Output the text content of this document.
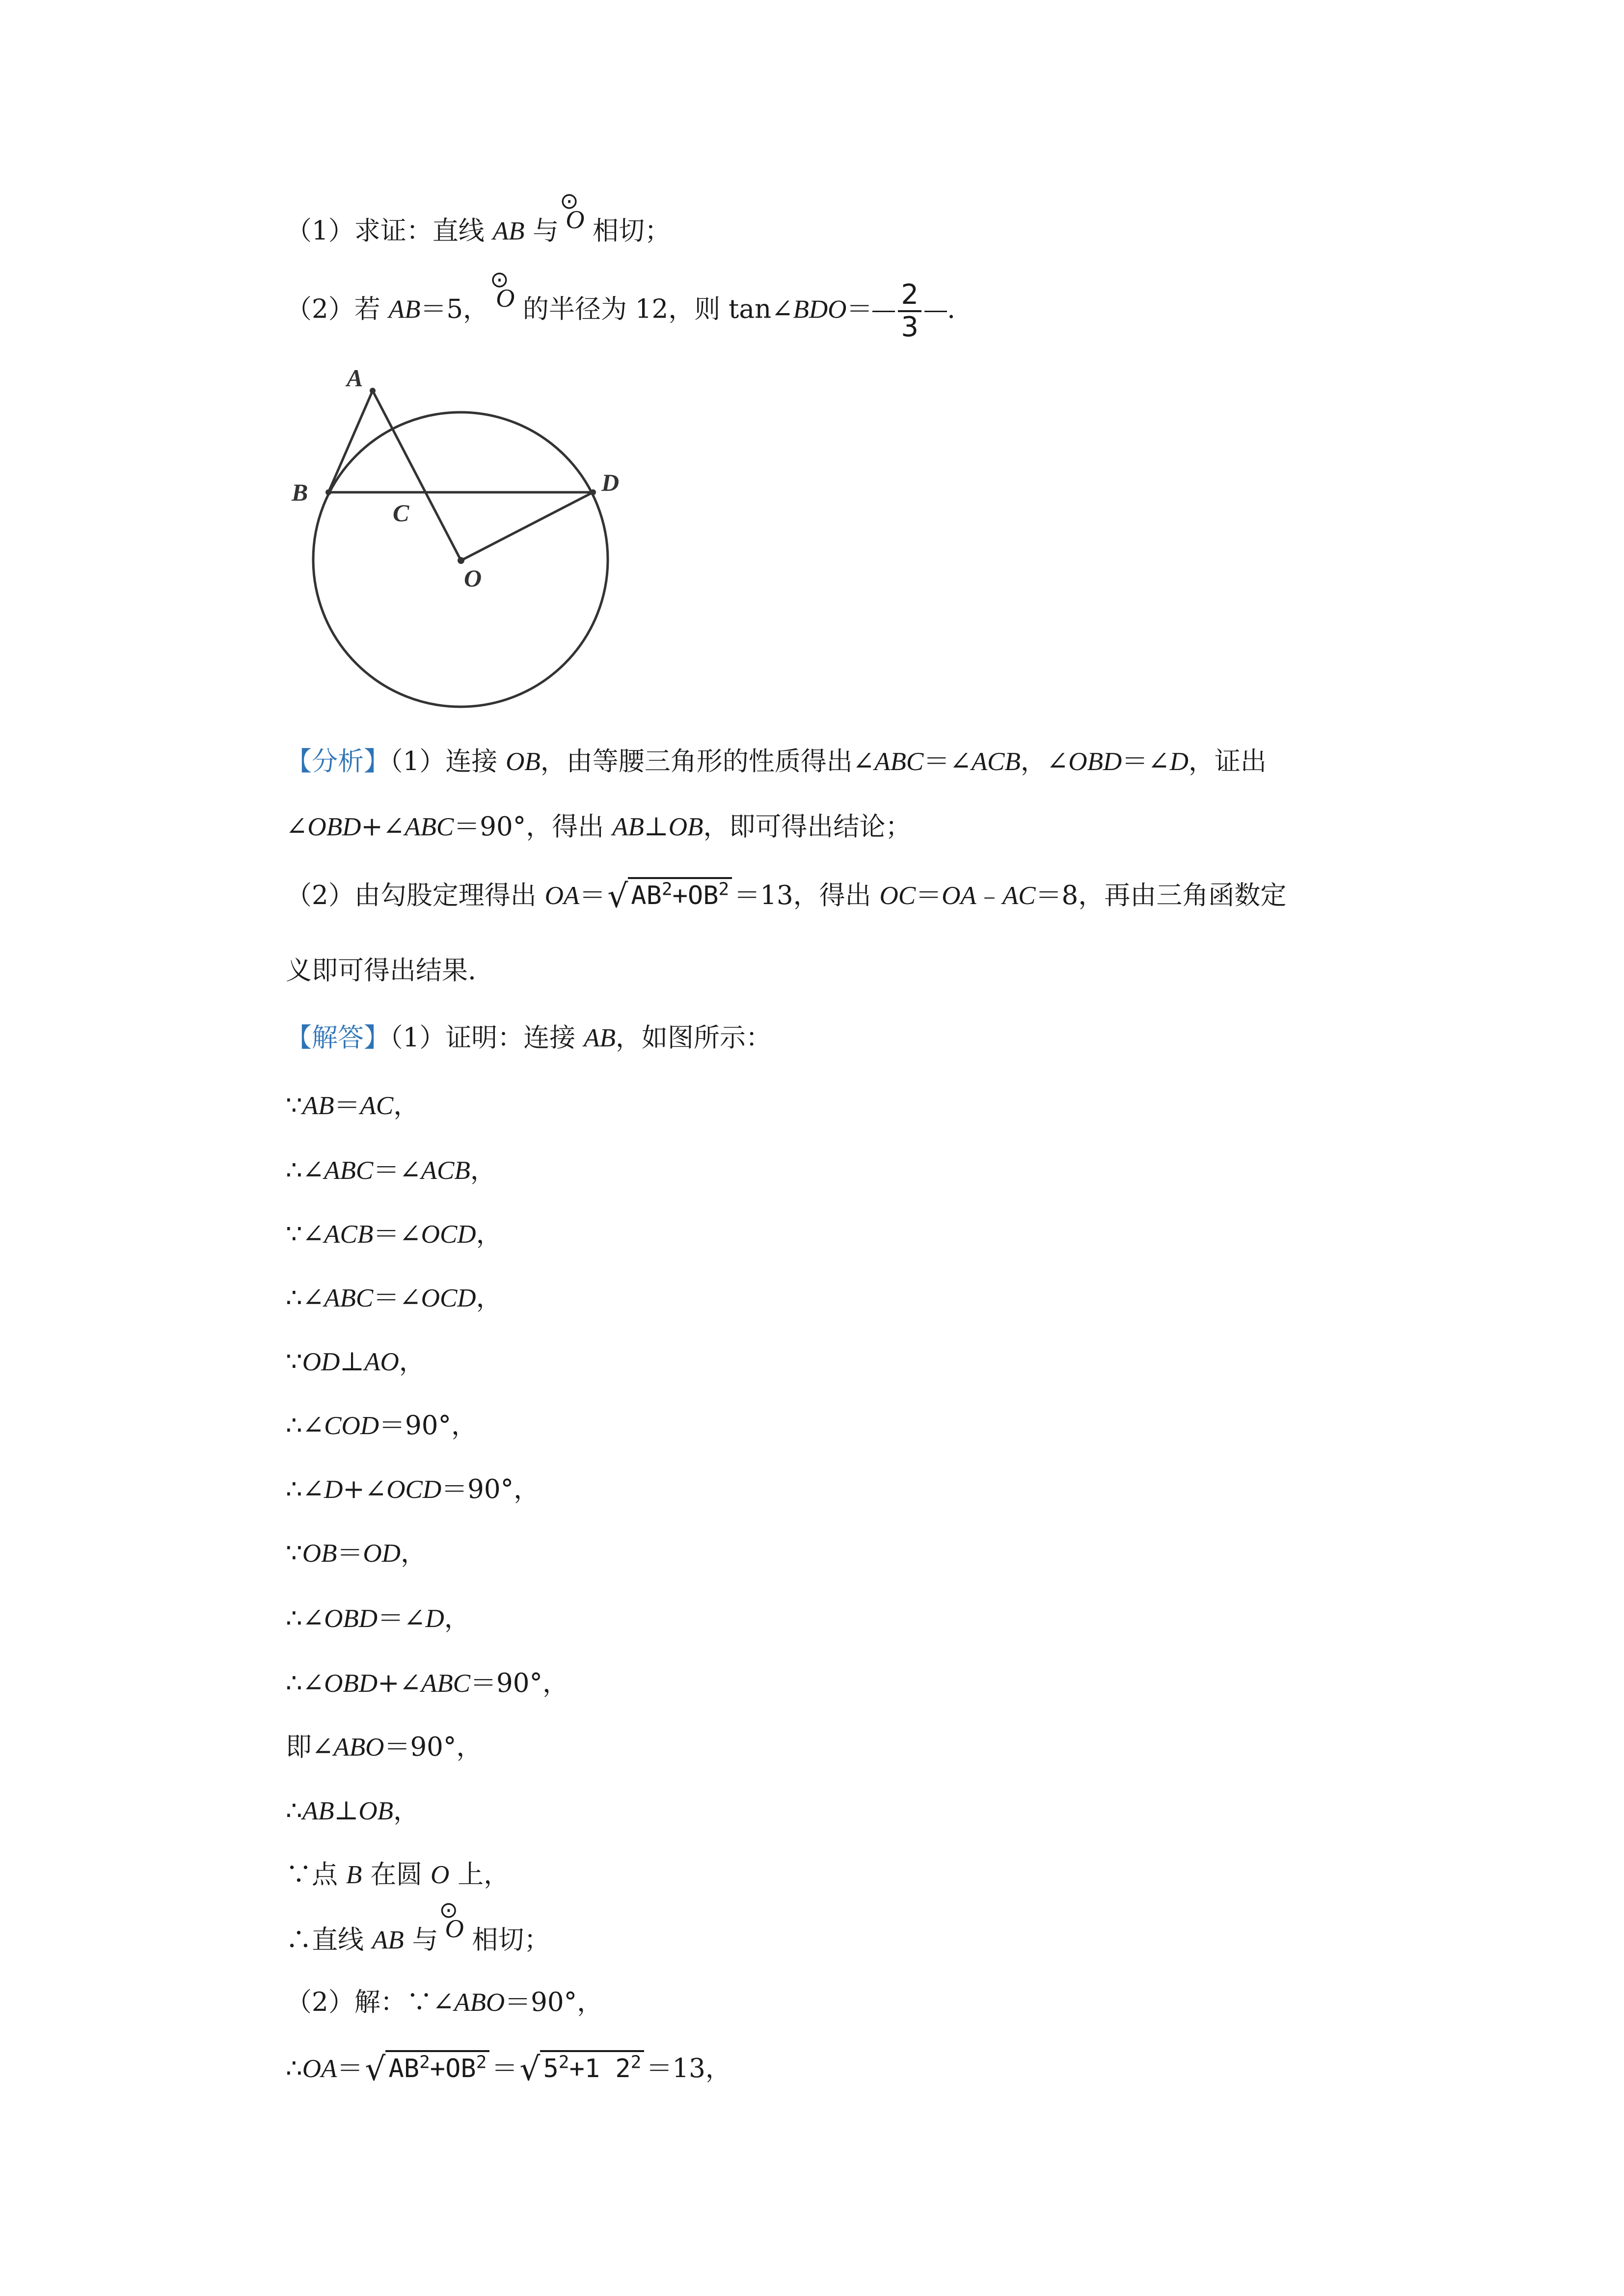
（1）求证：直线 AB 与
⊙
O 相切；
（2）若 AB＝5，
⊙
O 的半径为 12，则 tan∠BDO＝ $\frac{2}{3}$ .
A
B
C
D
O
【分析】（1）连接 OB，由等腰三角形的性质得出∠ABC＝∠ACB，∠OBD＝∠D，证出
∠OBD+∠ABC＝90°，得出 AB⊥OB，即可得出结论；
（2）由勾股定理得出 OA＝√ $AB^2+OB^2 =13$，得出 OC＝OA﹣AC＝8，再由三角函数定
义即可得出结果.
【解答】（1）证明：连接 AB，如图所示：
∵AB＝AC，
∴∠ABC＝∠ACB，
∵∠ACB＝∠OCD，
∴∠ABC＝∠OCD，
∵OD⊥AO，
∴∠COD＝90°，
∴∠D+∠OCD＝90°，
∵OB＝OD，
∴∠OBD＝∠D，
∴∠OBD+∠ABC＝90°，
即∠ABO＝90°，
∴AB⊥OB，
∵点 B 在圆 O 上，
∴直线 AB 与
⊙
O 相切；
（2）解：∵∠ABO＝90°，
∴OA＝√ $AB^2+OB^2$ ＝√ $5^2+1$ $2^2 =13$，
